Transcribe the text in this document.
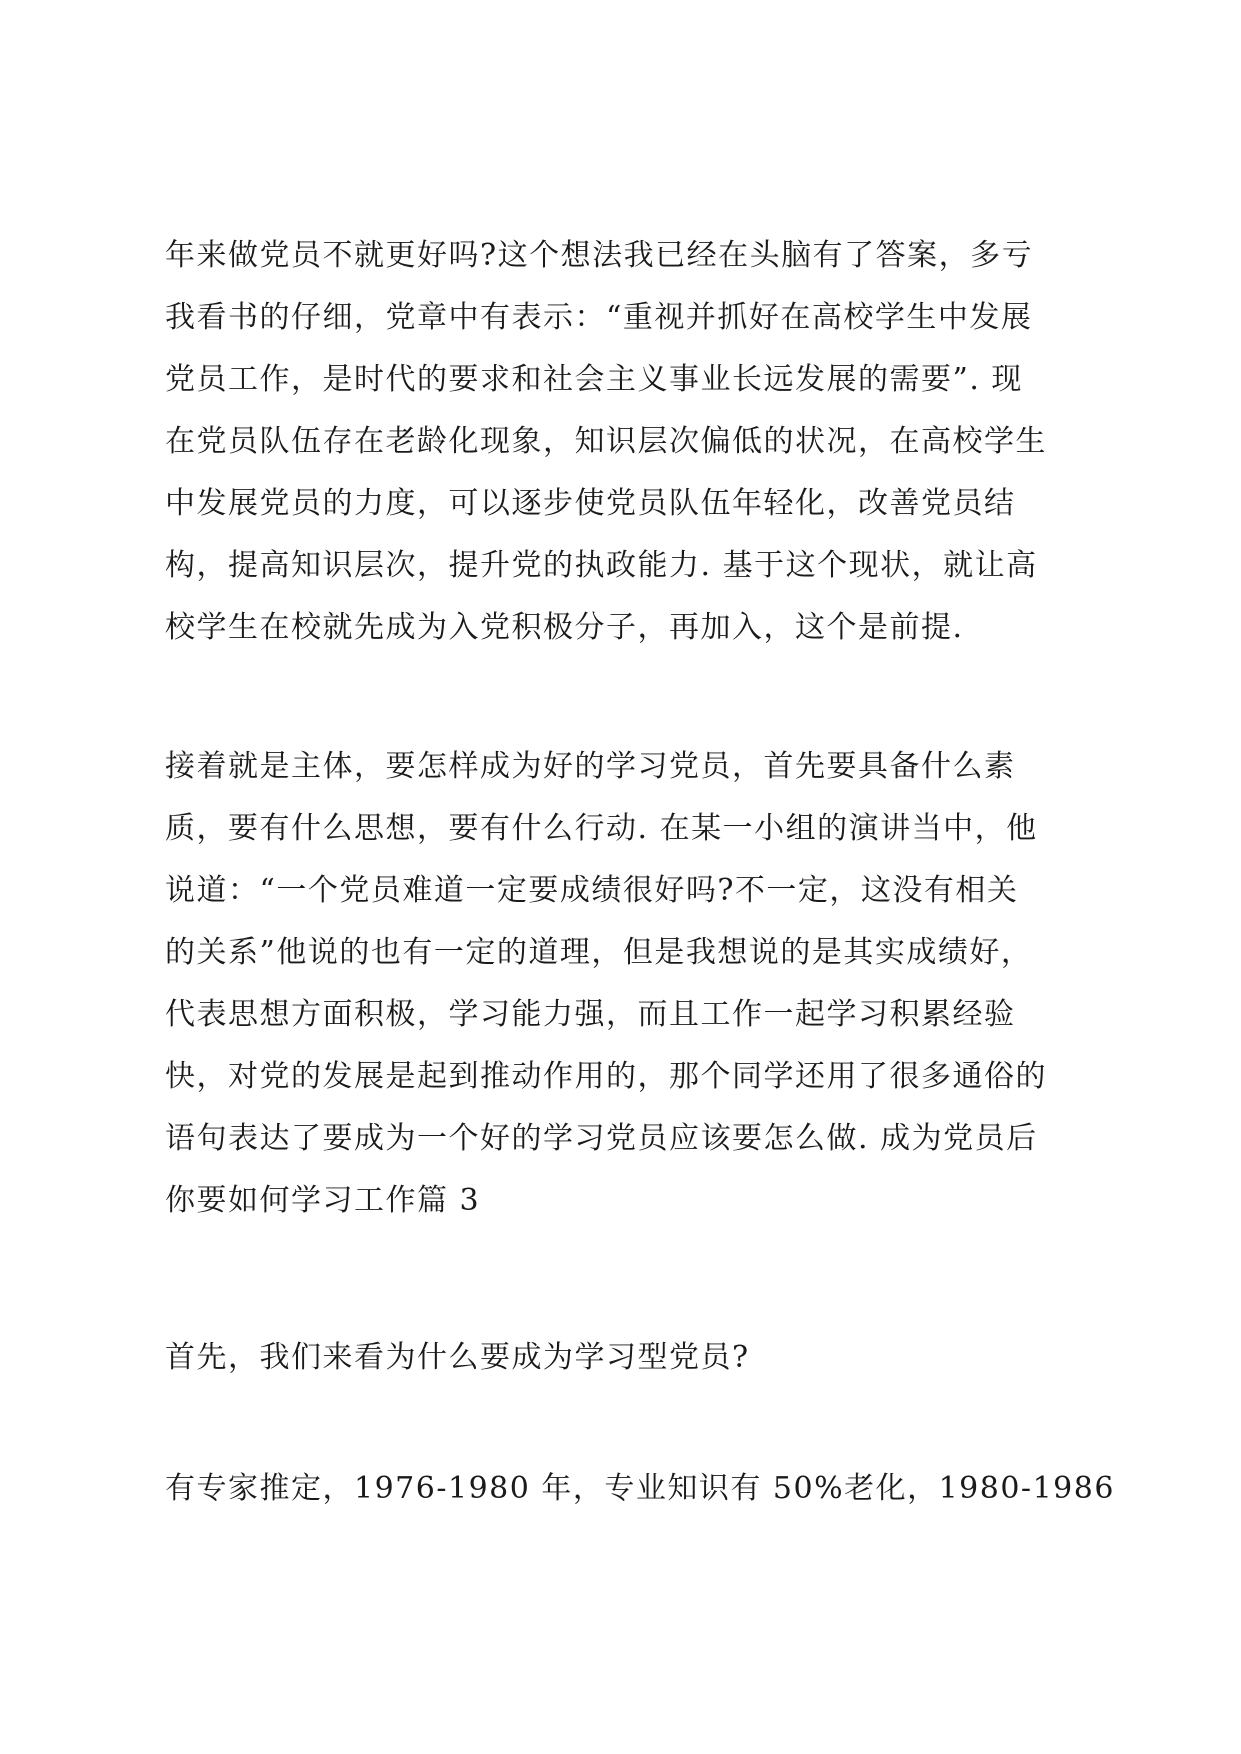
年来做党员不就更好吗?这个想法我已经在头脑有了答案，多亏
我看书的仔细，党章中有表示：“重视并抓好在高校学生中发展
党员工作，是时代的要求和社会主义事业长远发展的需要”. 现
在党员队伍存在老龄化现象，知识层次偏低的状况，在高校学生
中发展党员的力度，可以逐步使党员队伍年轻化，改善党员结
构，提高知识层次，提升党的执政能力. 基于这个现状，就让高
校学生在校就先成为入党积极分子，再加入，这个是前提.
接着就是主体，要怎样成为好的学习党员，首先要具备什么素
质，要有什么思想，要有什么行动. 在某一小组的演讲当中，他
说道：“一个党员难道一定要成绩很好吗?不一定，这没有相关
的关系”他说的也有一定的道理，但是我想说的是其实成绩好，
代表思想方面积极，学习能力强，而且工作一起学习积累经验
快，对党的发展是起到推动作用的，那个同学还用了很多通俗的
语句表达了要成为一个好的学习党员应该要怎么做. 成为党员后
你要如何学习工作篇 3
首先，我们来看为什么要成为学习型党员?
有专家推定，1976-1980 年，专业知识有 50%老化，1980-1986
